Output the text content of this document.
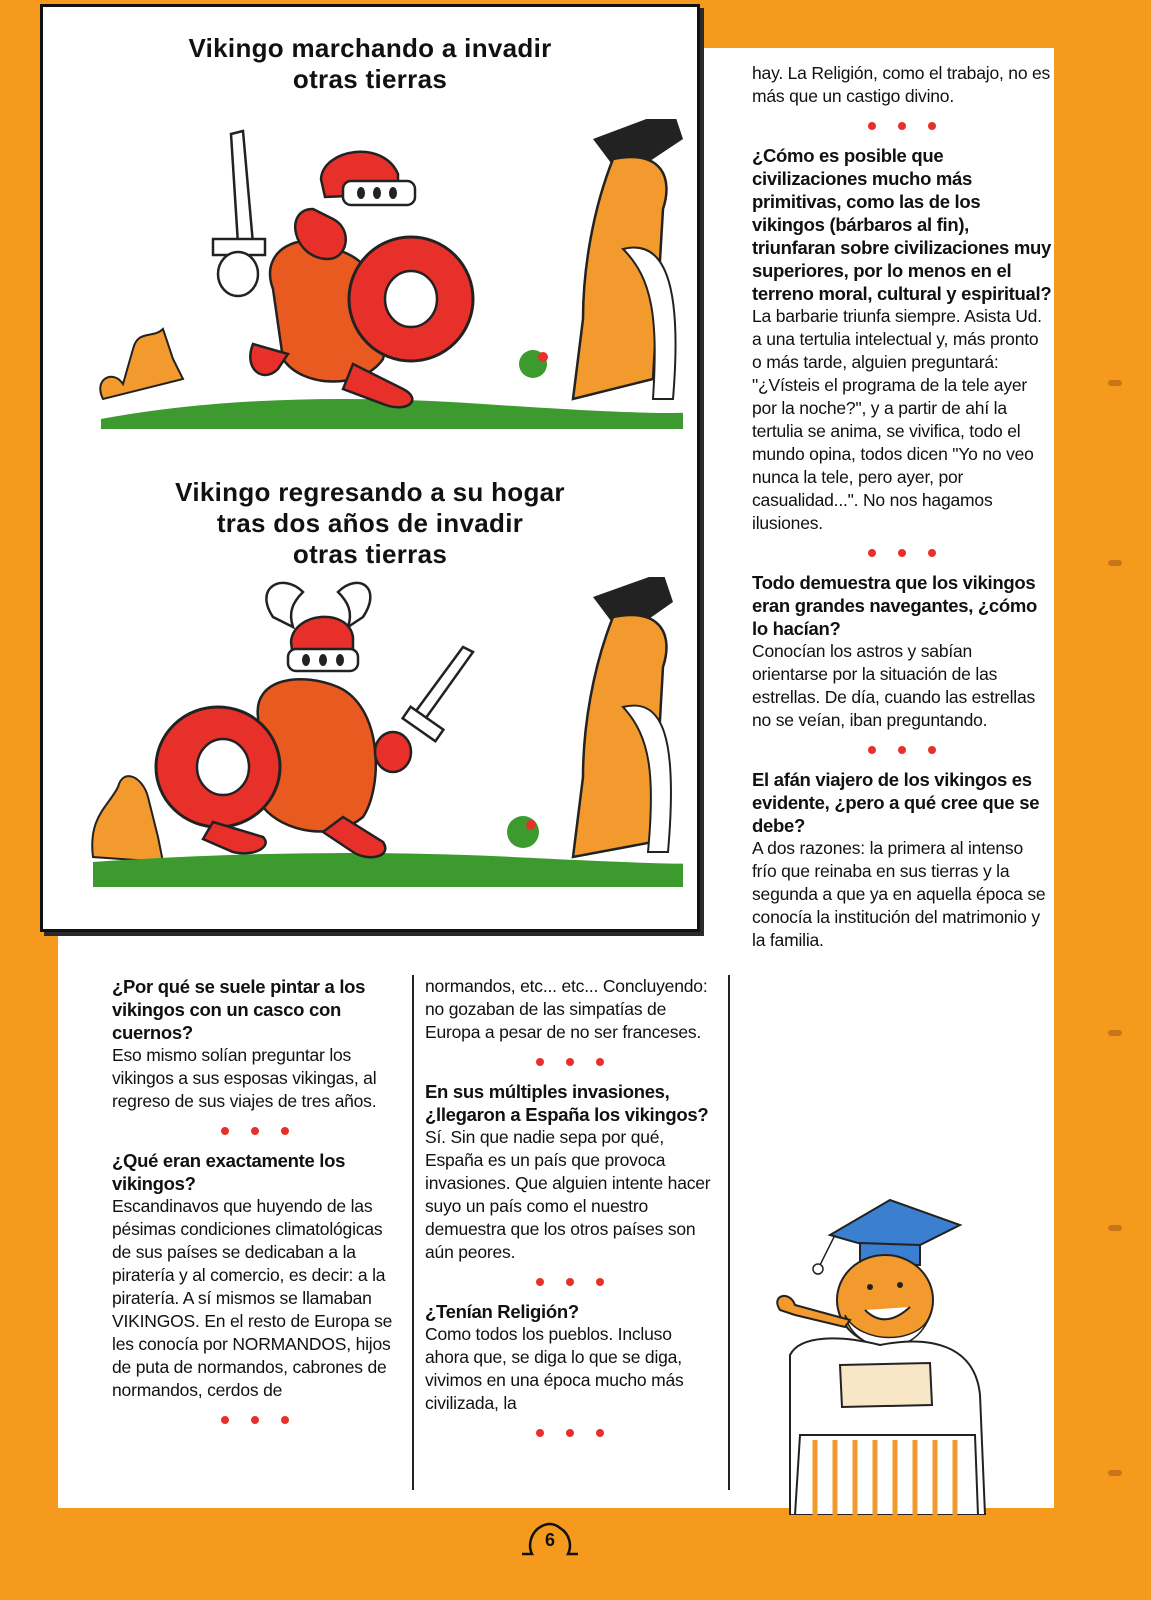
Vikingo marchando a invadir
otras tierras
Vikingo regresando a su hogar
tras dos años de invadir
otras tierras
hay. La Religión, como el trabajo, no es más que un castigo divino.
¿Cómo es posible que civilizaciones mucho más primitivas, como las de los vikingos (bárbaros al fin), triunfaran sobre civilizaciones muy superiores, por lo menos en el terreno moral, cultural y espiritual?
La barbarie triunfa siempre. Asista Ud. a una tertulia intelectual y, más pronto o más tarde, alguien preguntará: "¿Vísteis el programa de la tele ayer por la noche?", y a partir de ahí la tertulia se anima, se vivifica, todo el mundo opina, todos dicen "Yo no veo nunca la tele, pero ayer, por casualidad...". No nos hagamos ilusiones.
Todo demuestra que los vikingos eran grandes navegantes, ¿cómo lo hacían?
Conocían los astros y sabían orientarse por la situación de las estrellas. De día, cuando las estrellas no se veían, iban preguntando.
El afán viajero de los vikingos es evidente, ¿pero a qué cree que se debe?
A dos razones: la primera al intenso frío que reinaba en sus tierras y la segunda a que ya en aquella época se conocía la institución del matrimonio y la familia.
¿Por qué se suele pintar a los vikingos con un casco con cuernos?
Eso mismo solían preguntar los vikingos a sus esposas vikingas, al regreso de sus viajes de tres años.
¿Qué eran exactamente los vikingos?
Escandinavos que huyendo de las pésimas condiciones climatológicas de sus países se dedicaban a la piratería y al comercio, es decir: a la piratería. A sí mismos se llamaban VIKINGOS. En el resto de Europa se les conocía por NORMANDOS, hijos de puta de normandos, cabrones de normandos, cerdos de
normandos, etc... etc... Concluyendo: no gozaban de las simpatías de Europa a pesar de no ser franceses.
En sus múltiples invasiones, ¿llegaron a España los vikingos?
Sí. Sin que nadie sepa por qué, España es un país que provoca invasiones. Que alguien intente hacer suyo un país como el nuestro demuestra que los otros países son aún peores.
¿Tenían Religión?
Como todos los pueblos. Incluso ahora que, se diga lo que se diga, vivimos en una época mucho más civilizada, la
6
